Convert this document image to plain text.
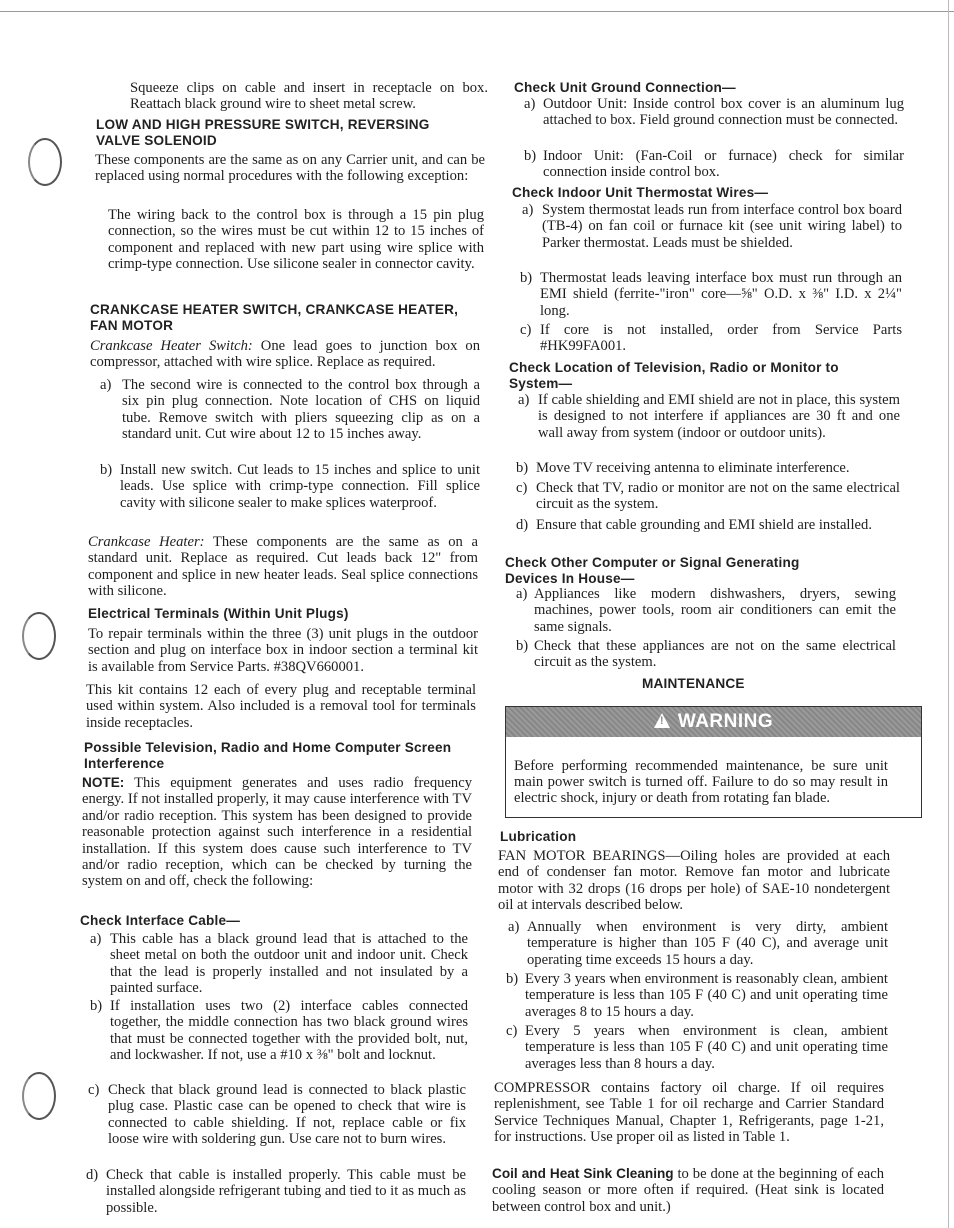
Squeeze clips on cable and insert in receptacle on box. Reattach black ground wire to sheet metal screw.

LOW AND HIGH PRESSURE SWITCH, REVERSING VALVE SOLENOID

These components are the same as on any Carrier unit, and can be replaced using normal procedures with the following exception:

The wiring back to the control box is through a 15 pin plug connection, so the wires must be cut within 12 to 15 inches of component and replaced with new part using wire splice with crimp-type connection. Use silicone sealer in connector cavity.

CRANKCASE HEATER SWITCH, CRANKCASE HEATER, FAN MOTOR

Crankcase Heater Switch: One lead goes to junction box on compressor, attached with wire splice. Replace as required.

a) The second wire is connected to the control box through a six pin plug connection. Note location of CHS on liquid tube. Remove switch with pliers squeezing clip as on a standard unit. Cut wire about 12 to 15 inches away.
b) Install new switch. Cut leads to 15 inches and splice to unit leads. Use splice with crimp-type connection. Fill splice cavity with silicone sealer to make splices waterproof.

Crankcase Heater: These components are the same as on a standard unit. Replace as required. Cut leads back 12" from component and splice in new heater leads. Seal splice connections with silicone.

Electrical Terminals (Within Unit Plugs)

To repair terminals within the three (3) unit plugs in the outdoor section and plug on interface box in indoor section a terminal kit is available from Service Parts. #38QV660001.

This kit contains 12 each of every plug and receptable terminal used within system. Also included is a removal tool for terminals inside receptacles.

Possible Television, Radio and Home Computer Screen Interference

NOTE: This equipment generates and uses radio frequency energy. If not installed properly, it may cause interference with TV and/or radio reception. This system has been designed to provide reasonable protection against such interference in a residential installation. If this system does cause such interference to TV and/or radio reception, which can be checked by turning the system on and off, check the following:

Check Interface Cable—

a) This cable has a black ground lead that is attached to the sheet metal on both the outdoor unit and indoor unit. Check that the lead is properly installed and not insulated by a painted surface.
b) If installation uses two (2) interface cables connected together, the middle connection has two black ground wires that must be connected together with the provided bolt, nut, and lockwasher. If not, use a #10 x ⅜" bolt and locknut.
c) Check that black ground lead is connected to black plastic plug case. Plastic case can be opened to check that wire is connected to cable shielding. If not, replace cable or fix loose wire with soldering gun. Use care not to burn wires.
d) Check that cable is installed properly. This cable must be installed alongside refrigerant tubing and tied to it as much as possible.

Check Unit Ground Connection—

a) Outdoor Unit: Inside control box cover is an aluminum lug attached to box. Field ground connection must be connected.
b) Indoor Unit: (Fan-Coil or furnace) check for similar connection inside control box.

Check Indoor Unit Thermostat Wires—

a) System thermostat leads run from interface control box board (TB-4) on fan coil or furnace kit (see unit wiring label) to Parker thermostat. Leads must be shielded.
b) Thermostat leads leaving interface box must run through an EMI shield (ferrite-"iron" core—⅝" O.D. x ⅜" I.D. x 2¼" long.
c) If core is not installed, order from Service Parts #HK99FA001.

Check Location of Television, Radio or Monitor to System—

a) If cable shielding and EMI shield are not in place, this system is designed to not interfere if appliances are 30 ft and one wall away from system (indoor or outdoor units).
b) Move TV receiving antenna to eliminate interference.
c) Check that TV, radio or monitor are not on the same electrical circuit as the system.
d) Ensure that cable grounding and EMI shield are installed.

Check Other Computer or Signal Generating Devices In House—

a) Appliances like modern dishwashers, dryers, sewing machines, power tools, room air conditioners can emit the same signals.
b) Check that these appliances are not on the same electrical circuit as the system.

MAINTENANCE

!WARNING

Before performing recommended maintenance, be sure unit main power switch is turned off. Failure to do so may result in electric shock, injury or death from rotating fan blade.

Lubrication

FAN MOTOR BEARINGS—Oiling holes are provided at each end of condenser fan motor. Remove fan motor and lubricate motor with 32 drops (16 drops per hole) of SAE-10 nondetergent oil at intervals described below.

a) Annually when environment is very dirty, ambient temperature is higher than 105 F (40 C), and average unit operating time exceeds 15 hours a day.
b) Every 3 years when environment is reasonably clean, ambient temperature is less than 105 F (40 C) and unit operating time averages 8 to 15 hours a day.
c) Every 5 years when environment is clean, ambient temperature is less than 105 F (40 C) and unit operating time averages less than 8 hours a day.

COMPRESSOR contains factory oil charge. If oil requires replenishment, see Table 1 for oil recharge and Carrier Standard Service Techniques Manual, Chapter 1, Refrigerants, page 1-21, for instructions. Use proper oil as listed in Table 1.

Coil and Heat Sink Cleaning to be done at the beginning of each cooling season or more often if required. (Heat sink is located between control box and unit.)
